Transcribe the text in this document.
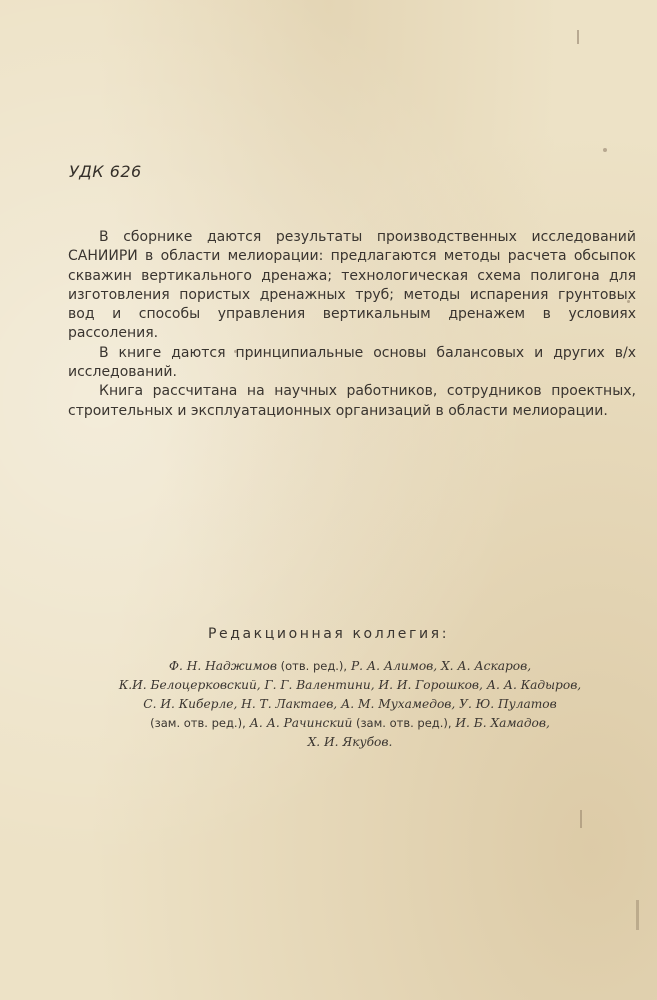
УДК 626

В сборнике даются результаты производственных исследований САНИИРИ в области мелиорации: предлагаются методы расчета обсыпок скважин вертикального дренажа; технологическая схема полигона для изготовления пористых дренажных труб; методы испарения грунтовых вод и способы управления вертикальным дренажем в условиях рассоления.

В книге даются принципиальные основы балансовых и других в/х исследований.

Книга рассчитана на научных работников, сотрудников проектных, строительных и эксплуатационных организаций в области мелиорации.

Редакционная коллегия:
Ф. Н. Наджимов (отв. ред.), Р. А. Алимов, Х. А. Аскаров,
К.И. Белоцерковский, Г. Г. Валентини, И. И. Горошков, А. А. Кадыров,
С. И. Киберле, Н. Т. Лактаев, А. М. Мухамедов, У. Ю. Пулатов
(зам. отв. ред.), А. А. Рачинский (зам. отв. ред.), И. Б. Хамадов,
Х. И. Якубов.
